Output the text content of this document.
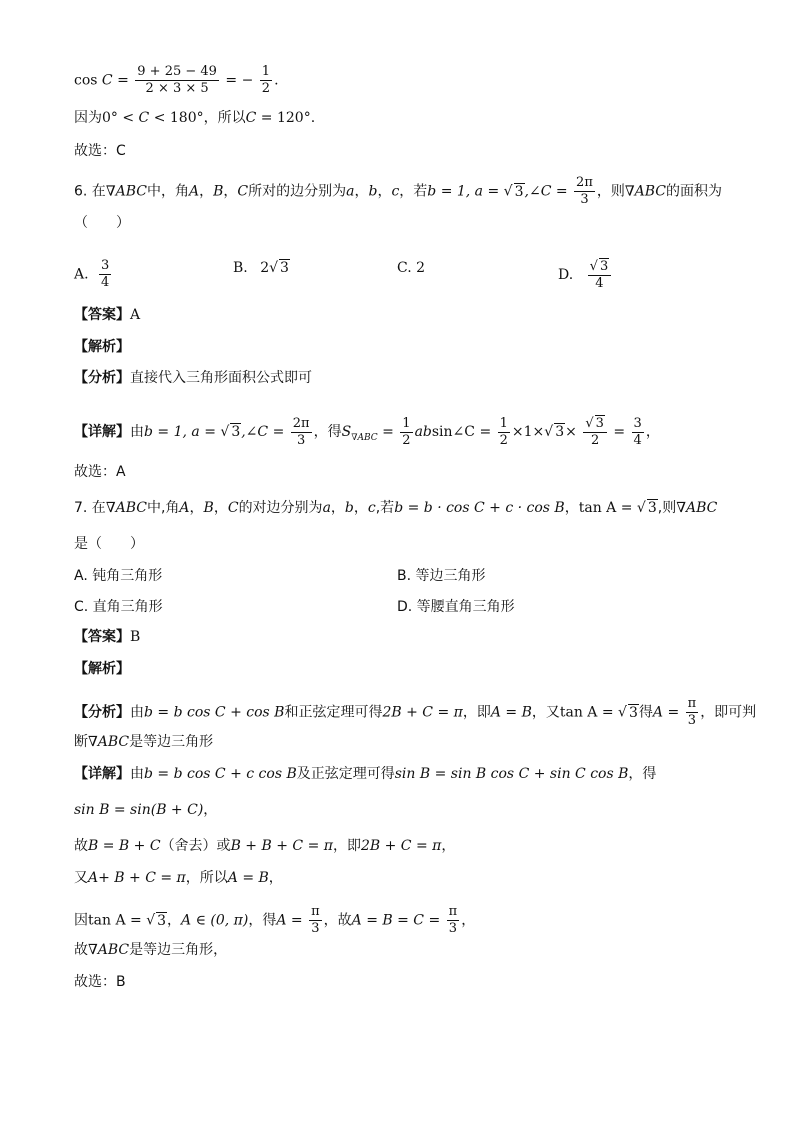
$\cos C = \frac{9 + 25 - 49}{2 \times 3 \times 5}$ = − $\frac{1}{2}$ .
因为0° < C < 180°，所以C = 120°.
故选：C
6. 在∇ABC中，角A，B，C所对的边分别为a，b，c，若b = 1, a = √ 3,∠C = $\frac{2\pi}{3}$ ，则∇ABC的面积为
（　　）
A. $\frac{3}{4}$	B. 2√ 3	C. 2	D. $\frac{√ 3}{4}$
【答案】A
【解析】
【分析】直接代入三角形面积公式即可
【详解】由b = 1, a = √ 3,∠C = $\frac{2\pi}{3}$ ，得$S_{\nabla ABC} = \frac{1}{2}$ absin∠C = $\frac{1}{2} \times 1\times√$ $3\times \frac{√ 3}{2} = \frac{3}{4}$ ，
故选：A
7. 在∇ABC中,角A，B，C的对边分别为a，b，c,若b = b · cos C + c · cos B，tan A = √ 3,则∇ABC
是（　　）
A. 钝角三角形	B. 等边三角形
C. 直角三角形	D. 等腰直角三角形
【答案】B
【解析】
【分析】由b = b cos C + cos B和正弦定理可得2B + C = π，即A = B，又tan A = √ 3得$A = \frac{\pi}{3}$ ，即可判
断∇ABC是等边三角形
【详解】由b = b cos C + c cos B及正弦定理可得sin B = sin B cos C + sin C cos B，得
sin B = sin(B + C)，
故B = B + C（舍去）或B + B + C = π，即2B + C = π，
又A+ B + C = π，所以A = B，
因tan A = √ 3，A ∈ (0, π)，得$A = \frac{\pi}{3}$ ，故$A = B = C = \frac{\pi}{3}$ ，
故∇ABC是等边三角形，
故选：B
